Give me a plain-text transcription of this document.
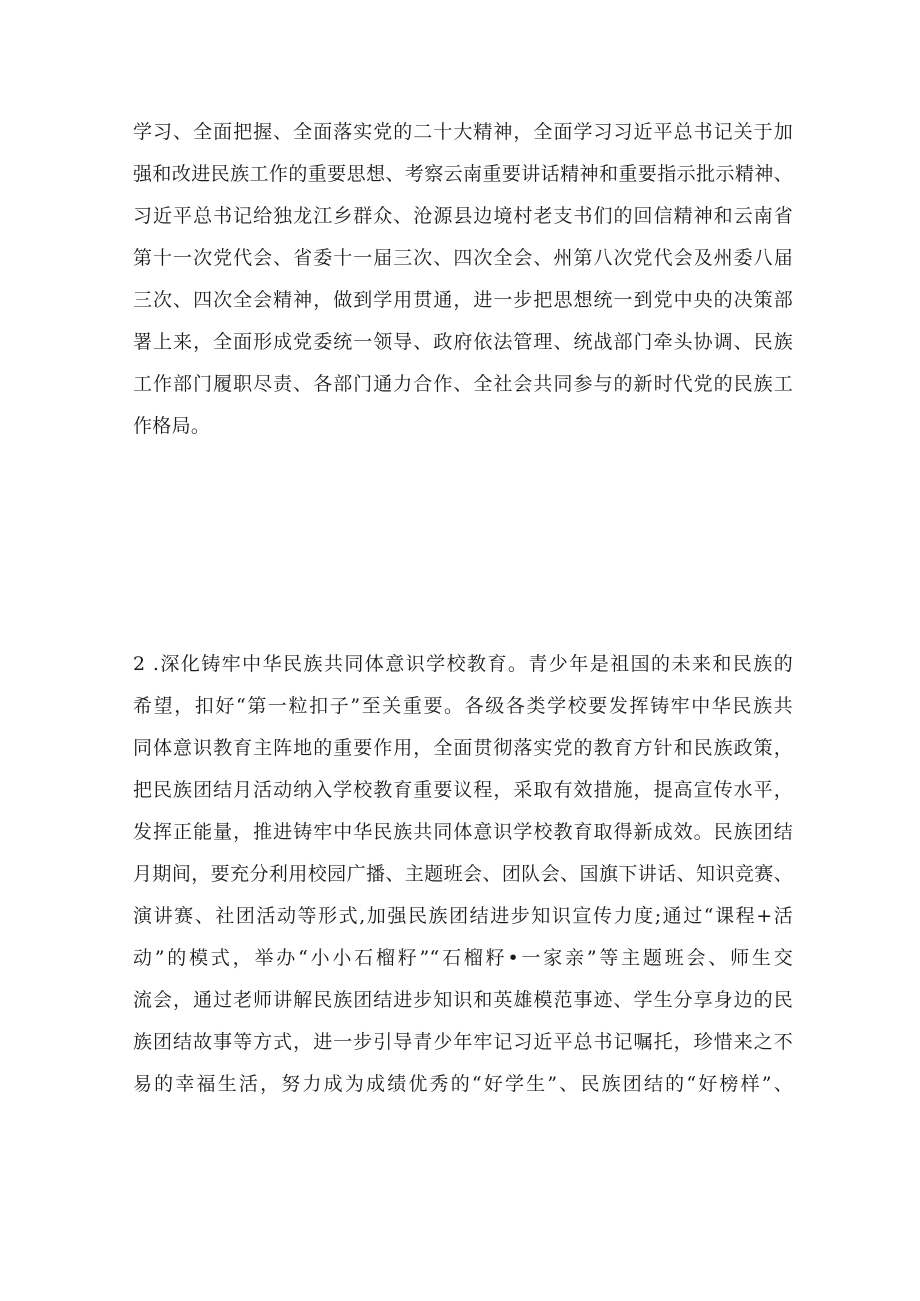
学习、全面把握、全面落实党的二十大精神，全面学习习近平总书记关于加
强和改进民族工作的重要思想、考察云南重要讲话精神和重要指示批示精神、
习近平总书记给独龙江乡群众、沧源县边境村老支书们的回信精神和云南省
第十一次党代会、省委十一届三次、四次全会、州第八次党代会及州委八届
三次、四次全会精神，做到学用贯通，进一步把思想统一到党中央的决策部
署上来，全面形成党委统一领导、政府依法管理、统战部门牵头协调、民族
工作部门履职尽责、各部门通力合作、全社会共同参与的新时代党的民族工
作格局。
2 .深化铸牢中华民族共同体意识学校教育。青少年是祖国的未来和民族的
希望，扣好“第一粒扣子”至关重要。各级各类学校要发挥铸牢中华民族共
同体意识教育主阵地的重要作用，全面贯彻落实党的教育方针和民族政策，
把民族团结月活动纳入学校教育重要议程，采取有效措施，提高宣传水平，
发挥正能量，推进铸牢中华民族共同体意识学校教育取得新成效。民族团结
月期间，要充分利用校园广播、主题班会、团队会、国旗下讲话、知识竞赛、
演讲赛、社团活动等形式,加强民族团结进步知识宣传力度;通过“课程+活
动”的模式，举办“小小石榴籽”“石榴籽•一家亲”等主题班会、师生交
流会，通过老师讲解民族团结进步知识和英雄模范事迹、学生分享身边的民
族团结故事等方式，进一步引导青少年牢记习近平总书记嘱托，珍惜来之不
易的幸福生活，努力成为成绩优秀的“好学生”、民族团结的“好榜样”、
